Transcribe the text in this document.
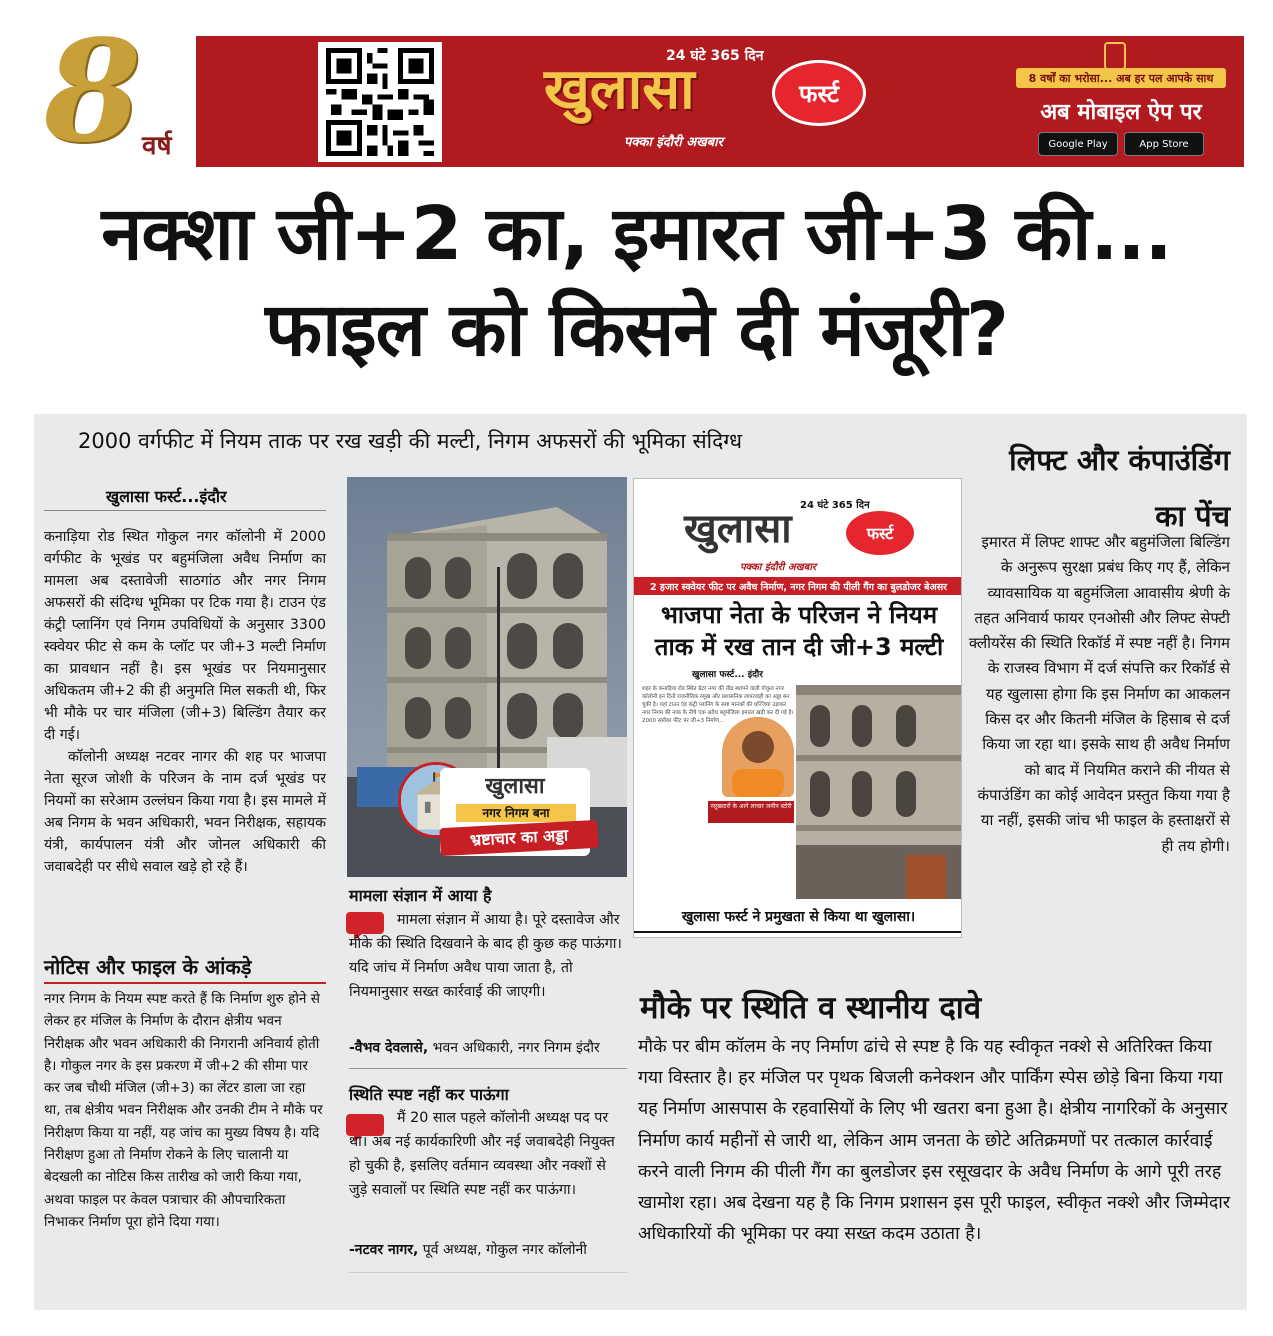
8 वर्ष
24 घंटे 365 दिन
खुलासा	फर्स्ट
पक्का इंदौरी अखबार
8 वर्षों का भरोसा... अब हर पल आपके साथ
अब मोबाइल ऐप पर
Google Play	App Store
नक्शा जी+2 का, इमारत जी+3 की...
फाइल को किसने दी मंजूरी?
2000 वर्गफीट में नियम ताक पर रख खड़ी की मल्टी, निगम अफसरों की भूमिका संदिग्ध
खुलासा फर्स्ट...इंदौर

कनाड़िया रोड स्थित गोकुल नगर कॉलोनी में 2000 वर्गफीट के भूखंड पर बहुमंजिला अवैध निर्माण का मामला अब दस्तावेजी साठगांठ और नगर निगम अफसरों की संदिग्ध भूमिका पर टिक गया है। टाउन एंड कंट्री प्लानिंग एवं निगम उपविधियों के अनुसार 3300 स्क्वेयर फीट से कम के प्लॉट पर जी+3 मल्टी निर्माण का प्रावधान नहीं है। इस भूखंड पर नियमानुसार अधिकतम जी+2 की ही अनुमति मिल सकती थी, फिर भी मौके पर चार मंजिला (जी+3) बिल्डिंग तैयार कर दी गई।

कॉलोनी अध्यक्ष नटवर नागर की शह पर भाजपा नेता सूरज जोशी के परिजन के नाम दर्ज भूखंड पर नियमों का सरेआम उल्लंघन किया गया है। इस मामले में अब निगम के भवन अधिकारी, भवन निरीक्षक, सहायक यंत्री, कार्यपालन यंत्री और जोनल अधिकारी की जवाबदेही पर सीधे सवाल खड़े हो रहे हैं।

नोटिस और फाइल के आंकड़े
नगर निगम के नियम स्पष्ट करते हैं कि निर्माण शुरु होने से लेकर हर मंजिल के निर्माण के दौरान क्षेत्रीय भवन निरीक्षक और भवन अधिकारी की निगरानी अनिवार्य होती है। गोकुल नगर के इस प्रकरण में जी+2 की सीमा पार कर जब चौथी मंजिल (जी+3) का लेंटर डाला जा रहा था, तब क्षेत्रीय भवन निरीक्षक और उनकी टीम ने मौके पर निरीक्षण किया या नहीं, यह जांच का मुख्य विषय है। यदि निरीक्षण हुआ तो निर्माण रोकने के लिए चालानी या बेदखली का नोटिस किस तारीख को जारी किया गया, अथवा फाइल पर केवल पत्राचार की औपचारिकता निभाकर निर्माण पूरा होने दिया गया।
खुलासा
नगर निगम बना
भ्रष्टाचार का अड्डा
मामला संज्ञान में आया है
मामला संज्ञान में आया है। पूरे दस्तावेज और मौके की स्थिति दिखवाने के बाद ही कुछ कह पाऊंगा। यदि जांच में निर्माण अवैध पाया जाता है, तो नियमानुसार सख्त कार्रवाई की जाएगी।
-वैभव देवलासे, भवन अधिकारी, नगर निगम इंदौर
स्थिति स्पष्ट नहीं कर पाऊंगा
मैं 20 साल पहले कॉलोनी अध्यक्ष पद पर था। अब नई कार्यकारिणी और नई जवाबदेही नियुक्त हो चुकी है, इसलिए वर्तमान व्यवस्था और नक्शों से जुड़े सवालों पर स्थिति स्पष्ट नहीं कर पाऊंगा।
-नटवर नागर, पूर्व अध्यक्ष, गोकुल नगर कॉलोनी
24 घंटे 365 दिन
खुलासा	फर्स्ट
पक्का इंदौरी अखबार
2 हजार स्क्वेयर फीट पर अवैध निर्माण, नगर निगम की पीली गैंग का बुलडोजर बेअसर
भाजपा नेता के परिजन ने नियम ताक में रख तान दी जी+3 मल्टी
खुलासा फर्स्ट... इंदौर
शहर के कनाड़िया रोड स्थित ग्रेटर नगर की तीव्र स्थापने वाली गोकुल नगर कॉलोनी इन दिनों राजनीतिक रसूख और प्रशासनिक लापरवाही का अड्डा बन चुकी है। यहां टाउन एंड कंट्री प्लानिंग के स्पष्ट मानकों की धज्जियां उड़ाकर नगर निगम की नाक के नीचे एक अवैध बहुमंजिला इमारत खड़ी कर दी गई है। 2000 स्क्वेयर फीट पर जी+3 निर्माण...
रसूखदारों के आगे लाचार जमीन स्टोरी
खुलासा फर्स्ट ने प्रमुखता से किया था खुलासा।
लिफ्ट और कंपाउंडिंग
का पेंच
इमारत में लिफ्ट शाफ्ट और बहुमंजिला बिल्डिंग के अनुरूप सुरक्षा प्रबंध किए गए हैं, लेकिन व्यावसायिक या बहुमंजिला आवासीय श्रेणी के तहत अनिवार्य फायर एनओसी और लिफ्ट सेफ्टी क्लीयरेंस की स्थिति रिकॉर्ड में स्पष्ट नहीं है। निगम के राजस्व विभाग में दर्ज संपत्ति कर रिकॉर्ड से यह खुलासा होगा कि इस निर्माण का आकलन किस दर और कितनी मंजिल के हिसाब से दर्ज किया जा रहा था। इसके साथ ही अवैध निर्माण को बाद में नियमित कराने की नीयत से कंपाउंडिंग का कोई आवेदन प्रस्तुत किया गया है या नहीं, इसकी जांच भी फाइल के हस्ताक्षरों से ही तय होगी।
मौके पर स्थिति व स्थानीय दावे
मौके पर बीम कॉलम के नए निर्माण ढांचे से स्पष्ट है कि यह स्वीकृत नक्शे से अतिरिक्त किया गया विस्तार है। हर मंजिल पर पृथक बिजली कनेक्शन और पार्किंग स्पेस छोड़े बिना किया गया यह निर्माण आसपास के रहवासियों के लिए भी खतरा बना हुआ है। क्षेत्रीय नागरिकों के अनुसार निर्माण कार्य महीनों से जारी था, लेकिन आम जनता के छोटे अतिक्रमणों पर तत्काल कार्रवाई करने वाली निगम की पीली गैंग का बुलडोजर इस रसूखदार के अवैध निर्माण के आगे पूरी तरह खामोश रहा। अब देखना यह है कि निगम प्रशासन इस पूरी फाइल, स्वीकृत नक्शे और जिम्मेदार अधिकारियों की भूमिका पर क्या सख्त कदम उठाता है।
